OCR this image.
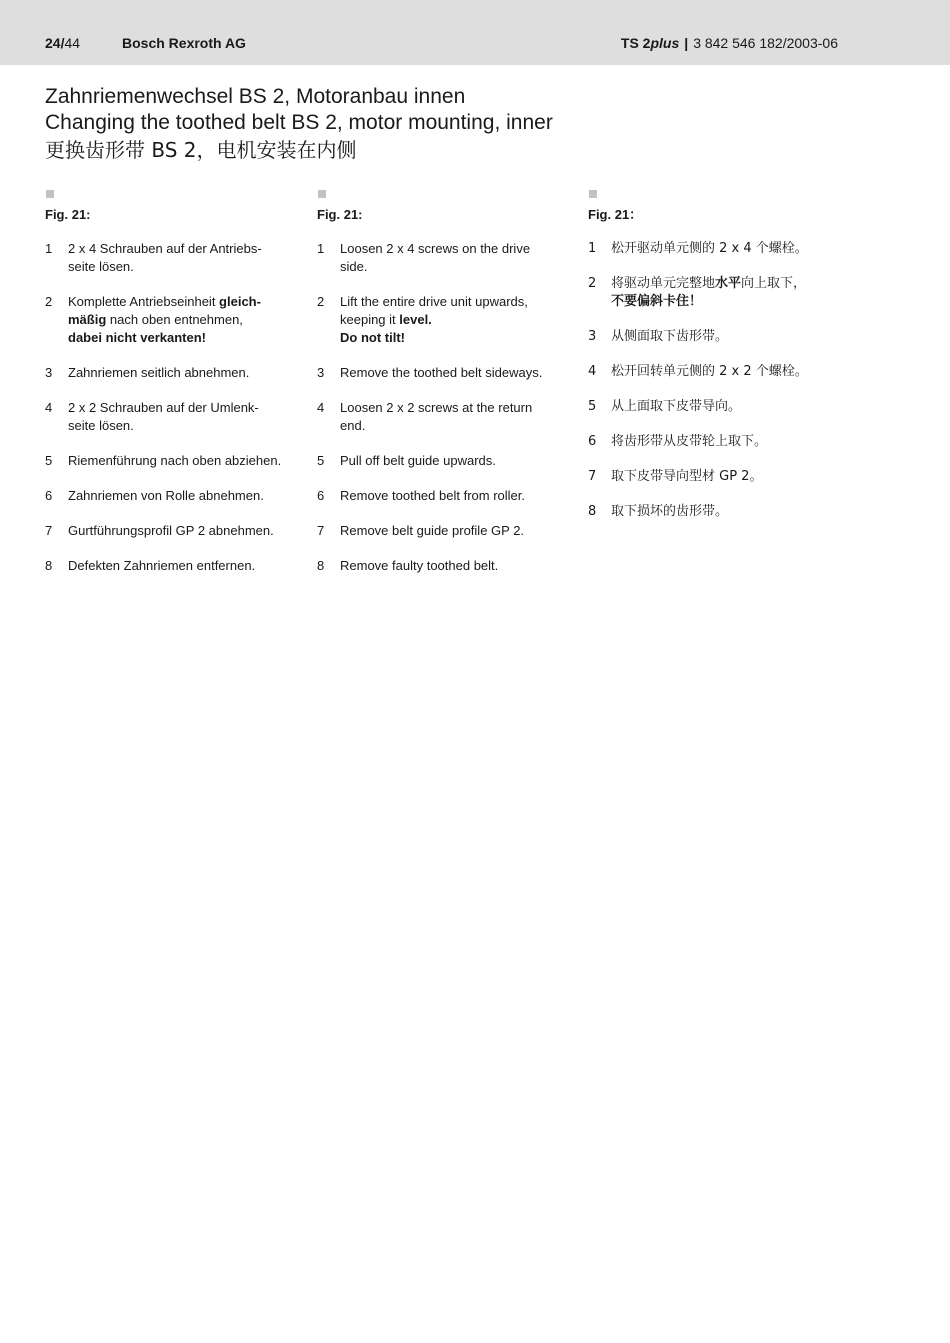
24/44	Bosch Rexroth AG	TS 2plus | 3 842 546 182/2003-06
Zahnriemenwechsel BS 2, Motoranbau innen
Changing the toothed belt BS 2, motor mounting, inner
更换齿形带 BS 2，电机安装在内侧
Fig. 21:
1 2 x 4 Schrauben auf der Antriebs-
seite lösen.
2 Komplette Antriebseinheit gleich-
mäßig nach oben entnehmen,
dabei nicht verkanten!
3 Zahnriemen seitlich abnehmen.
4 2 x 2 Schrauben auf der Umlenk-
seite lösen.
5 Riemenführung nach oben abziehen.
6 Zahnriemen von Rolle abnehmen.
7 Gurtführungsprofil GP 2 abnehmen.
8 Defekten Zahnriemen entfernen.
Fig. 21:
1 Loosen 2 x 4 screws on the drive
side.
2 Lift the entire drive unit upwards,
keeping it level.
Do not tilt!
3 Remove the toothed belt sideways.
4 Loosen 2 x 2 screws at the return
end.
5 Pull off belt guide upwards.
6 Remove toothed belt from roller.
7 Remove belt guide profile GP 2.
8 Remove faulty toothed belt.
Fig. 21：
1 松开驱动单元侧的 2 x 4 个螺栓。
2 将驱动单元完整地水平向上取下，
不要偏斜卡住！
3 从侧面取下齿形带。
4 松开回转单元侧的 2 x 2 个螺栓。
5 从上面取下皮带导向。
6 将齿形带从皮带轮上取下。
7 取下皮带导向型材 GP 2。
8 取下损坏的齿形带。
